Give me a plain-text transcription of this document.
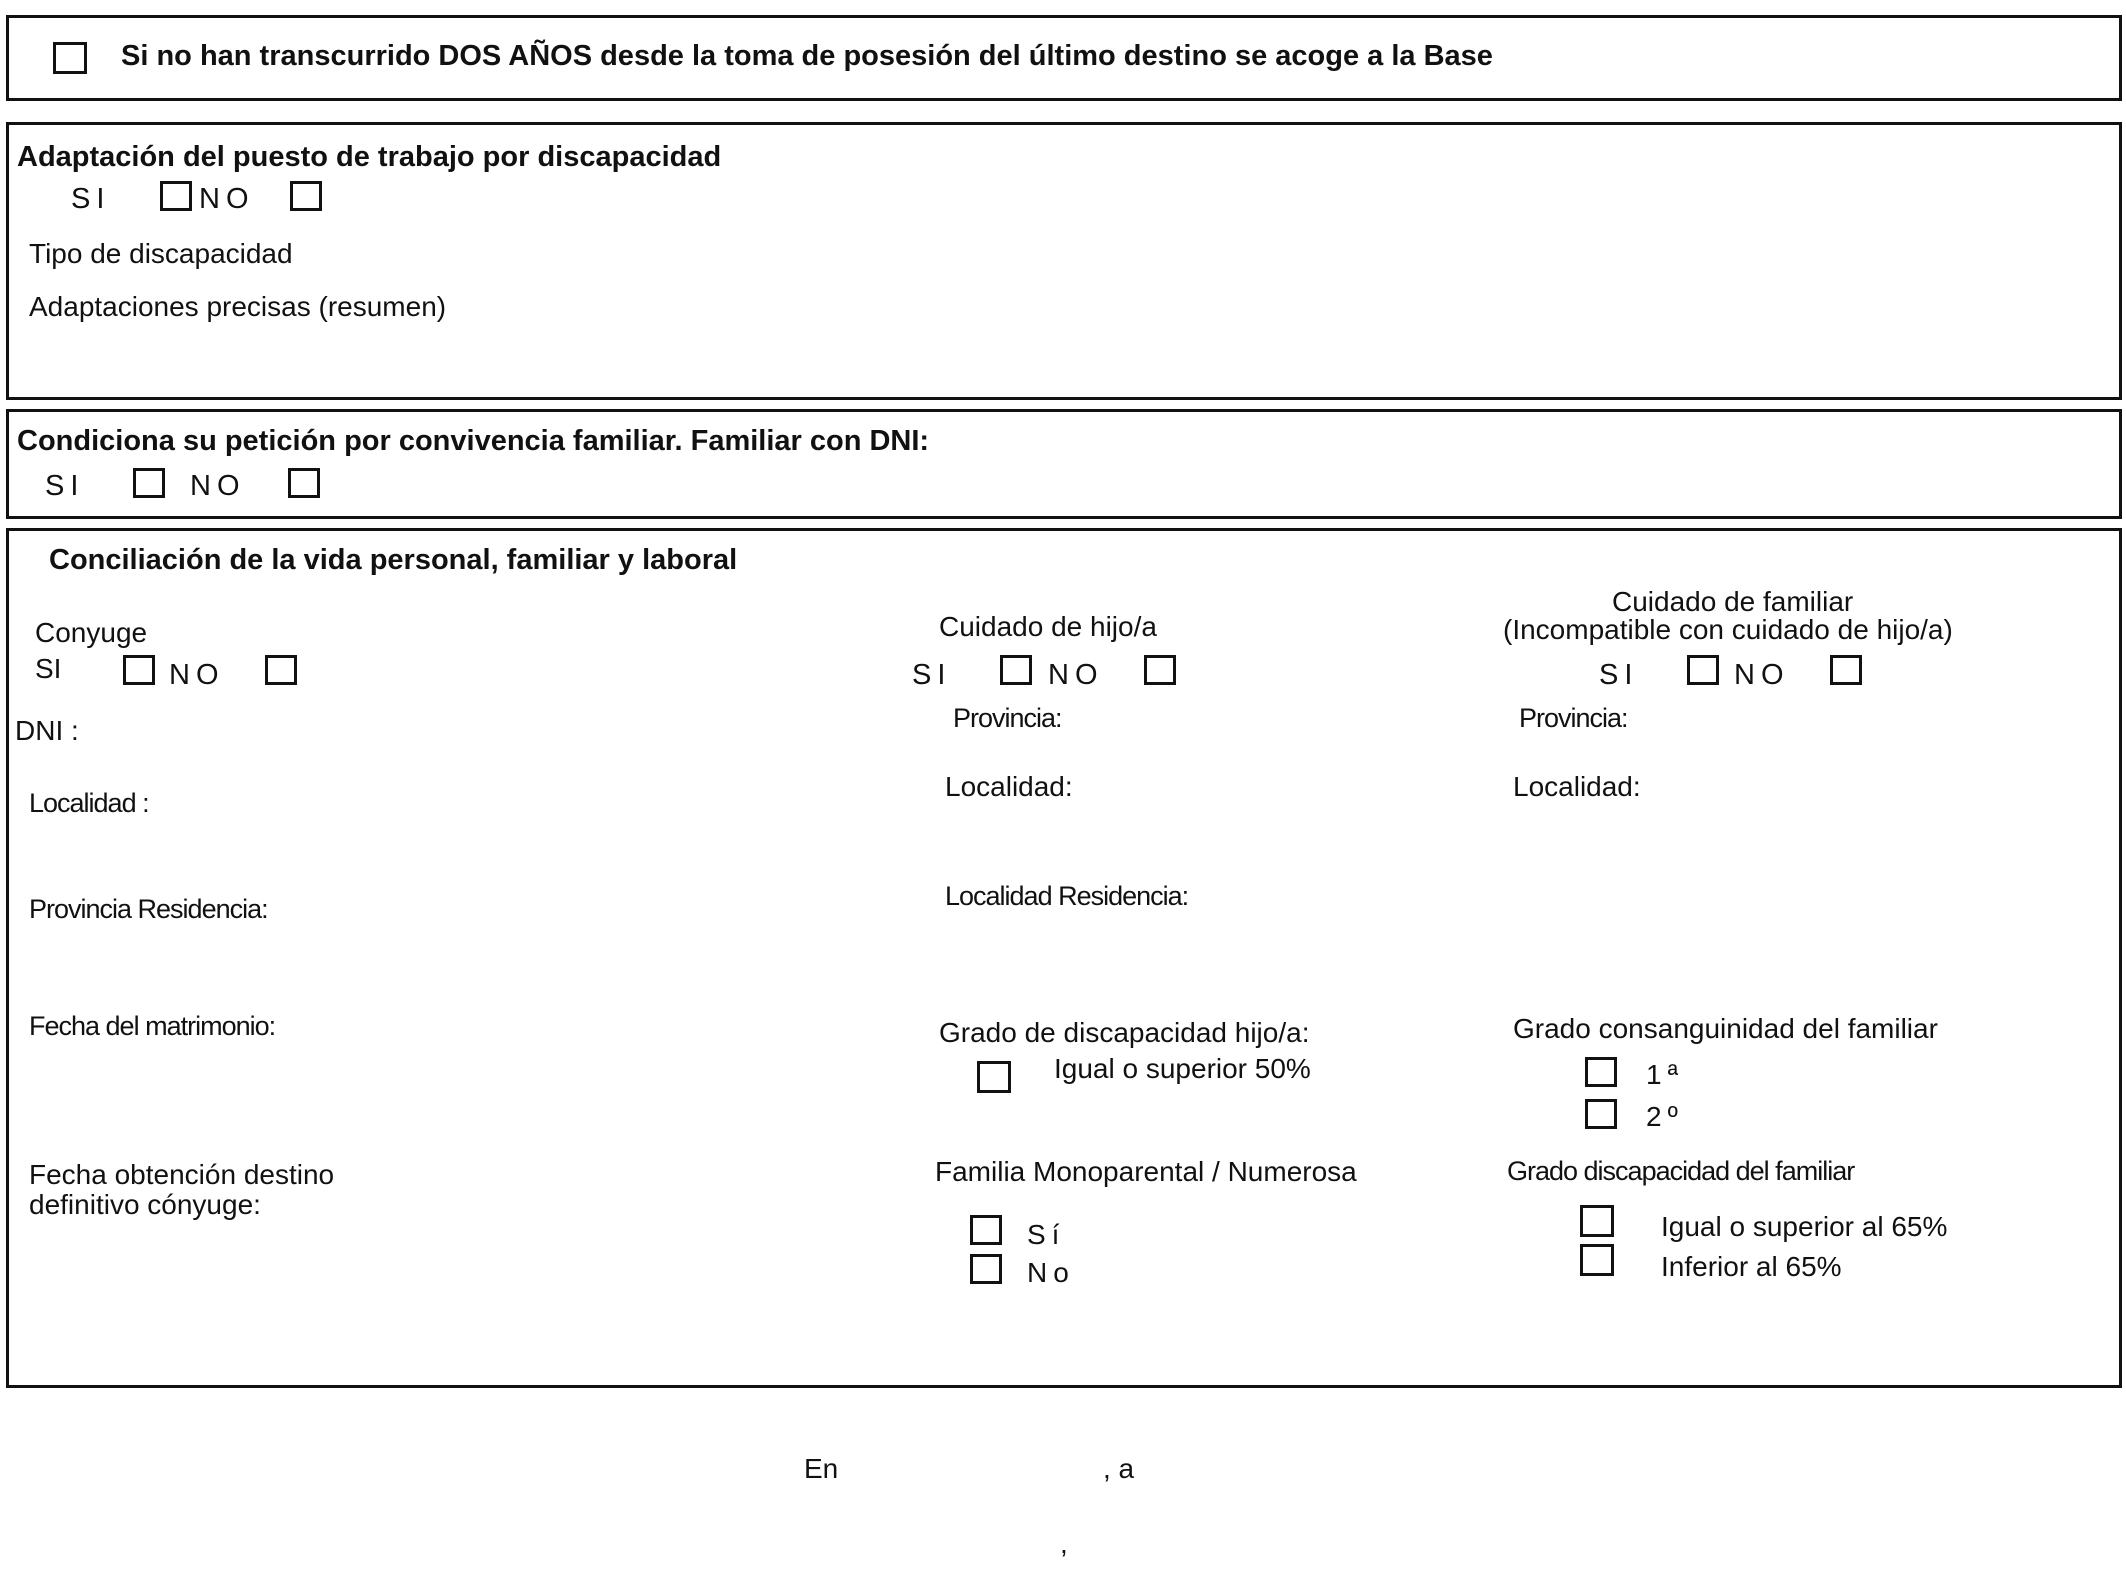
Si no han transcurrido DOS AÑOS desde la toma de posesión del último destino se acoge a la Base
Adaptación del puesto de trabajo por discapacidad
SI	NO
Tipo de discapacidad
Adaptaciones precisas (resumen)
Condiciona su petición por convivencia familiar. Familiar con DNI:
SI	NO
Conciliación de la vida personal, familiar y laboral
Conyuge
SI	NO
DNI :
Localidad :
Provincia Residencia:
Fecha del matrimonio:
Fecha obtención destino
definitivo cónyuge:
Cuidado de hijo/a
SI	NO
Provincia:
Localidad:
Localidad Residencia:
Grado de discapacidad hijo/a:
Igual o superior 50%
Familia Monoparental / Numerosa
Sí
No
Cuidado de familiar
(Incompatible con cuidado de hijo/a)
SI	NO
Provincia:
Localidad:
Grado consanguinidad del familiar
1ª
2º
Grado discapacidad del familiar
Igual o superior al 65%
Inferior al 65%
En	, a
,
